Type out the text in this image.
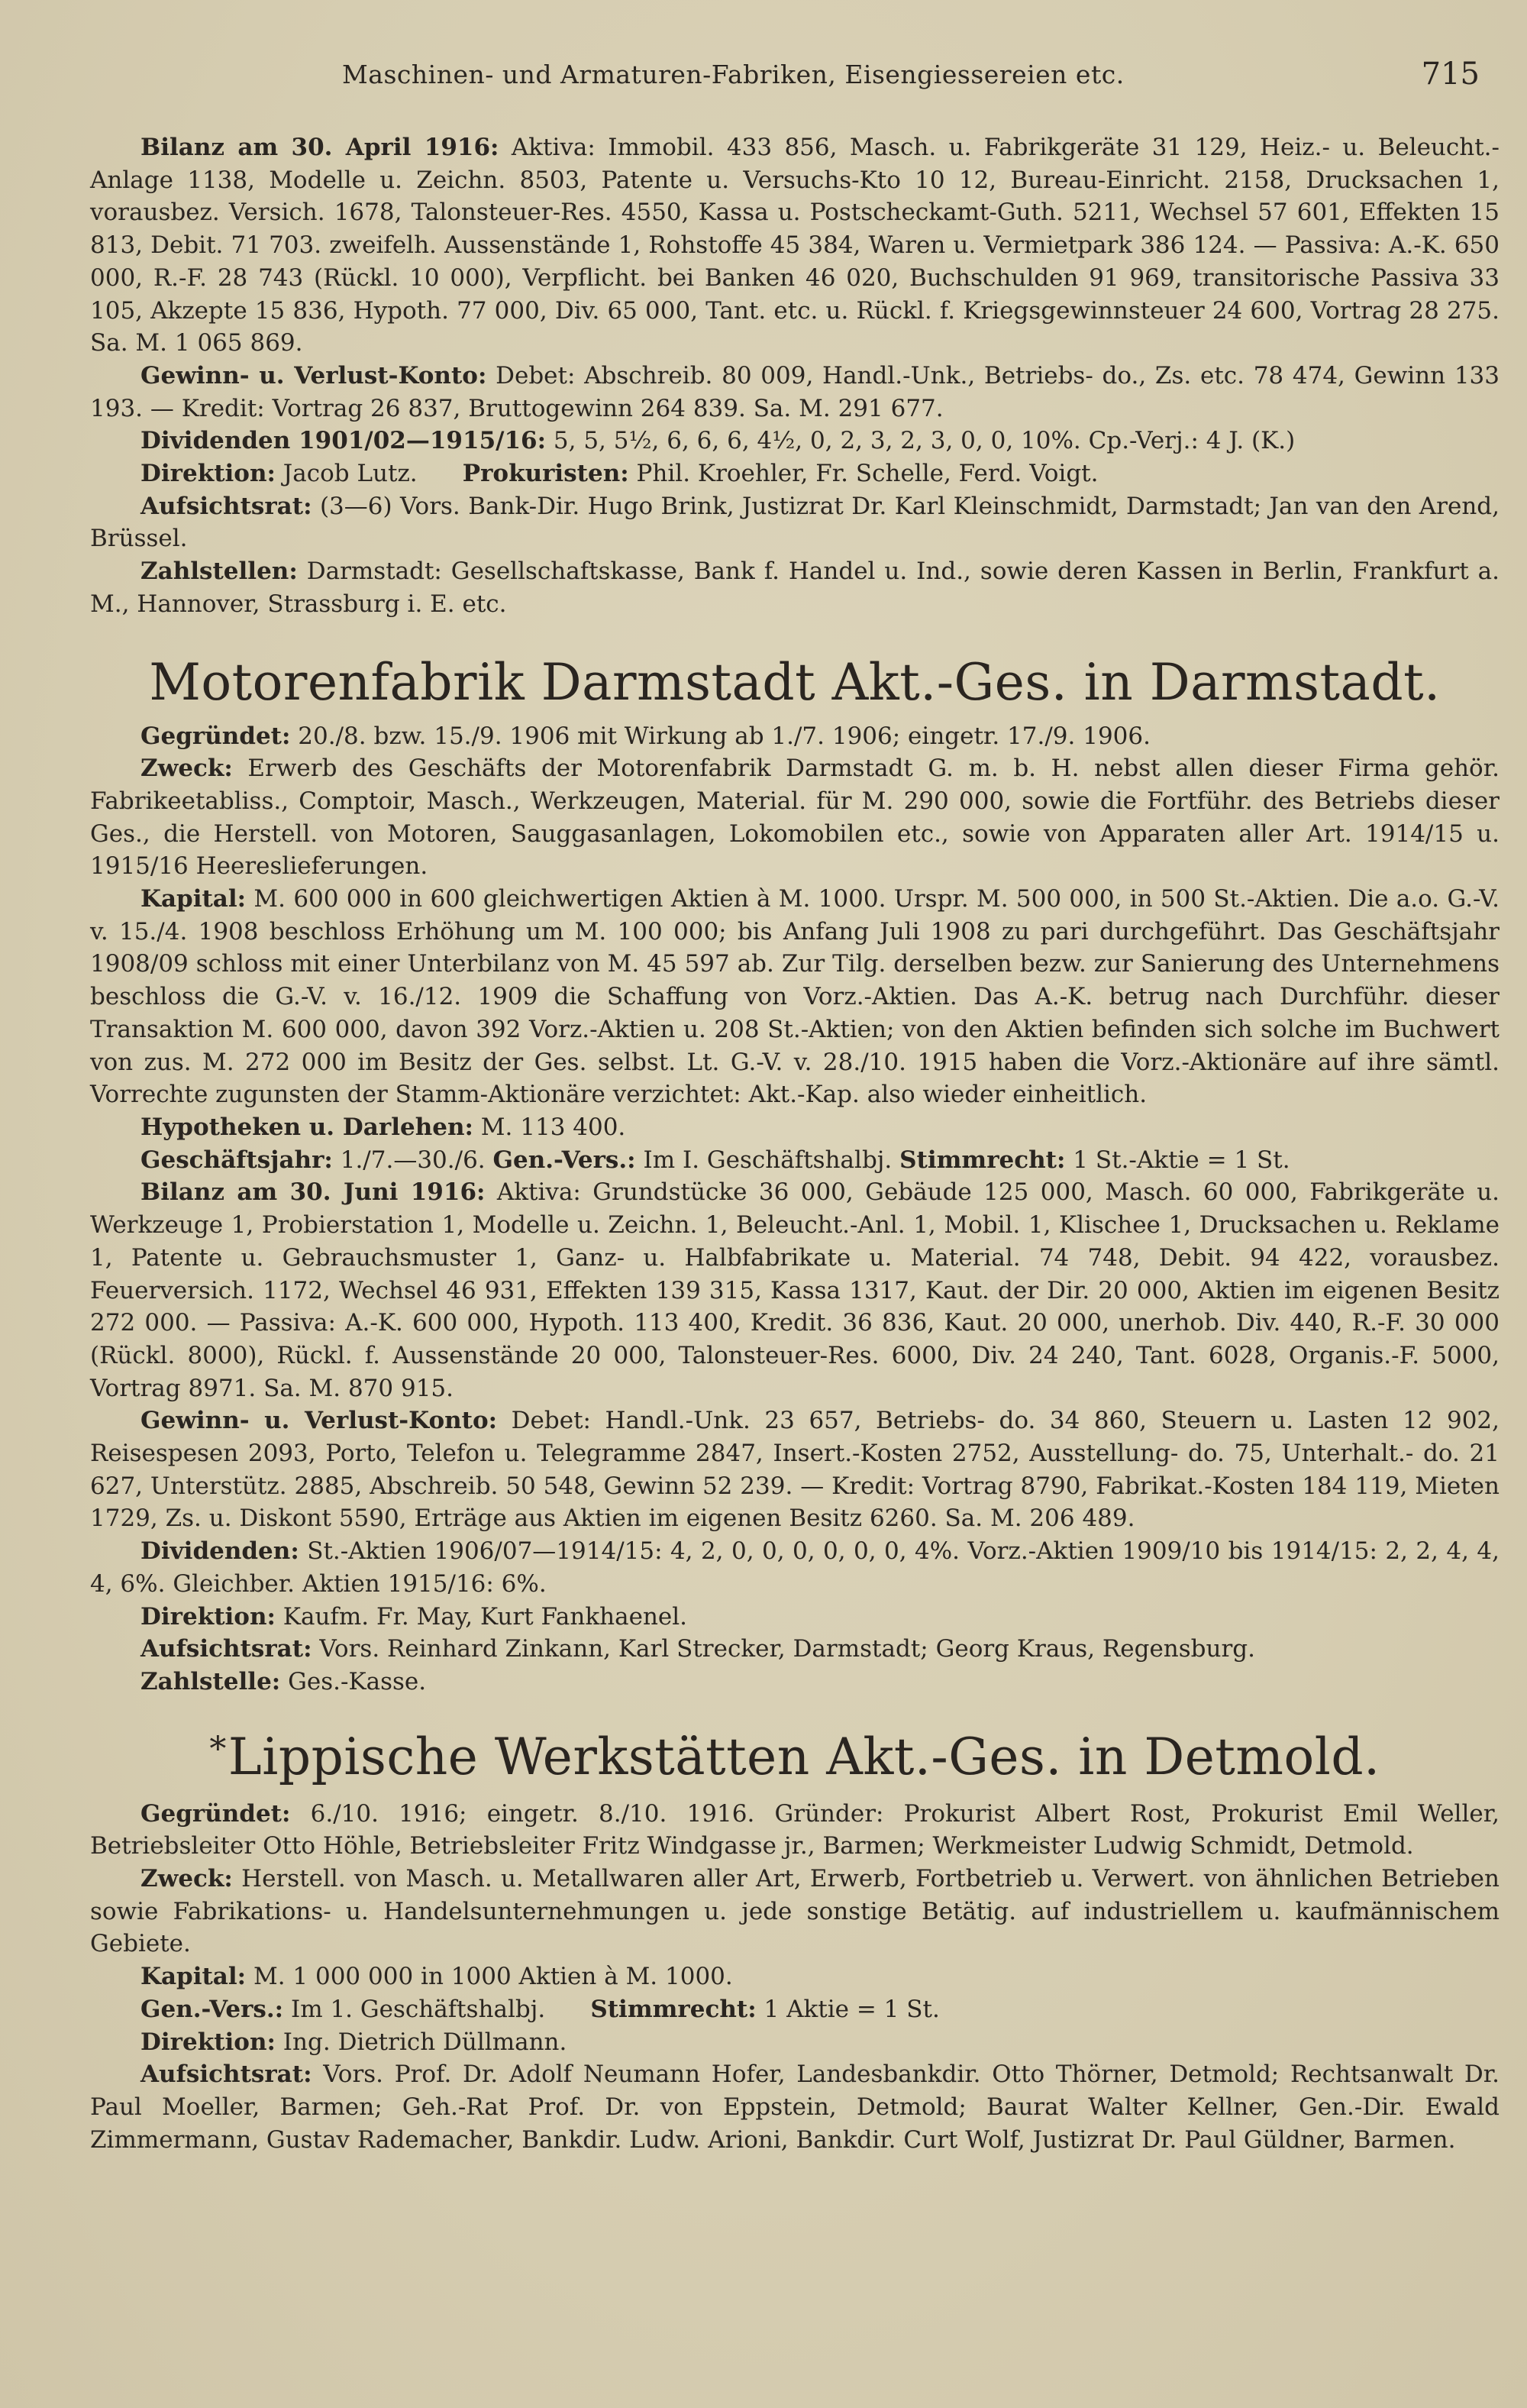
Maschinen- und Armaturen-Fabriken, Eisengiessereien etc.	715

Bilanz am 30. April 1916: Aktiva: Immobil. 433 856, Masch. u. Fabrikgeräte 31 129, Heiz.- u. Beleucht.- Anlage 1138, Modelle u. Zeichn. 8503, Patente u. Versuchs-Kto 10 12, Bureau-Einricht. 2158, Drucksachen 1, vorausbez. Versich. 1678, Talonsteuer-Res. 4550, Kassa u. Postscheckamt-Guth. 5211, Wechsel 57 601, Effekten 15 813, Debit. 71 703. zweifelh. Aussenstände 1, Rohstoffe 45 384, Waren u. Vermietpark 386 124. — Passiva: A.-K. 650 000, R.-F. 28 743 (Rückl. 10 000), Verpflicht. bei Banken 46 020, Buchschulden 91 969, transitorische Passiva 33 105, Akzepte 15 836, Hypoth. 77 000, Div. 65 000, Tant. etc. u. Rückl. f. Kriegsgewinnsteuer 24 600, Vortrag 28 275. Sa. M. 1 065 869.

Gewinn- u. Verlust-Konto: Debet: Abschreib. 80 009, Handl.-Unk., Betriebs- do., Zs. etc. 78 474, Gewinn 133 193. — Kredit: Vortrag 26 837, Bruttogewinn 264 839. Sa. M. 291 677.

Dividenden 1901/02—1915/16: 5, 5, 5½, 6, 6, 6, 4½, 0, 2, 3, 2, 3, 0, 0, 10%. Cp.-Verj.: 4 J. (K.)

Direktion: Jacob Lutz.      Prokuristen: Phil. Kroehler, Fr. Schelle, Ferd. Voigt.

Aufsichtsrat: (3—6) Vors. Bank-Dir. Hugo Brink, Justizrat Dr. Karl Kleinschmidt, Darmstadt; Jan van den Arend, Brüssel.

Zahlstellen: Darmstadt: Gesellschaftskasse, Bank f. Handel u. Ind., sowie deren Kassen in Berlin, Frankfurt a. M., Hannover, Strassburg i. E. etc.

Motorenfabrik Darmstadt Akt.-Ges. in Darmstadt.

Gegründet: 20./8. bzw. 15./9. 1906 mit Wirkung ab 1./7. 1906; eingetr. 17./9. 1906.

Zweck: Erwerb des Geschäfts der Motorenfabrik Darmstadt G. m. b. H. nebst allen dieser Firma gehör. Fabrikeetabliss., Comptoir, Masch., Werkzeugen, Material. für M. 290 000, sowie die Fortführ. des Betriebs dieser Ges., die Herstell. von Motoren, Sauggasanlagen, Lokomobilen etc., sowie von Apparaten aller Art. 1914/15 u. 1915/16 Heereslieferungen.

Kapital: M. 600 000 in 600 gleichwertigen Aktien à M. 1000. Urspr. M. 500 000, in 500 St.-Aktien. Die a.o. G.-V. v. 15./4. 1908 beschloss Erhöhung um M. 100 000; bis Anfang Juli 1908 zu pari durchgeführt. Das Geschäftsjahr 1908/09 schloss mit einer Unterbilanz von M. 45 597 ab. Zur Tilg. derselben bezw. zur Sanierung des Unternehmens beschloss die G.-V. v. 16./12. 1909 die Schaffung von Vorz.-Aktien. Das A.-K. betrug nach Durchführ. dieser Transaktion M. 600 000, davon 392 Vorz.-Aktien u. 208 St.-Aktien; von den Aktien befinden sich solche im Buchwert von zus. M. 272 000 im Besitz der Ges. selbst. Lt. G.-V. v. 28./10. 1915 haben die Vorz.-Aktionäre auf ihre sämtl. Vorrechte zugunsten der Stamm-Aktionäre verzichtet: Akt.-Kap. also wieder einheitlich.

Hypotheken u. Darlehen: M. 113 400.

Geschäftsjahr: 1./7.—30./6. Gen.-Vers.: Im I. Geschäftshalbj. Stimmrecht: 1 St.-Aktie = 1 St.

Bilanz am 30. Juni 1916: Aktiva: Grundstücke 36 000, Gebäude 125 000, Masch. 60 000, Fabrikgeräte u. Werkzeuge 1, Probierstation 1, Modelle u. Zeichn. 1, Beleucht.-Anl. 1, Mobil. 1, Klischee 1, Drucksachen u. Reklame 1, Patente u. Gebrauchsmuster 1, Ganz- u. Halbfabrikate u. Material. 74 748, Debit. 94 422, vorausbez. Feuerversich. 1172, Wechsel 46 931, Effekten 139 315, Kassa 1317, Kaut. der Dir. 20 000, Aktien im eigenen Besitz 272 000. — Passiva: A.-K. 600 000, Hypoth. 113 400, Kredit. 36 836, Kaut. 20 000, unerhob. Div. 440, R.-F. 30 000 (Rückl. 8000), Rückl. f. Aussenstände 20 000, Talonsteuer-Res. 6000, Div. 24 240, Tant. 6028, Organis.-F. 5000, Vortrag 8971. Sa. M. 870 915.

Gewinn- u. Verlust-Konto: Debet: Handl.-Unk. 23 657, Betriebs- do. 34 860, Steuern u. Lasten 12 902, Reisespesen 2093, Porto, Telefon u. Telegramme 2847, Insert.-Kosten 2752, Ausstellung- do. 75, Unterhalt.- do. 21 627, Unterstütz. 2885, Abschreib. 50 548, Gewinn 52 239. — Kredit: Vortrag 8790, Fabrikat.-Kosten 184 119, Mieten 1729, Zs. u. Diskont 5590, Erträge aus Aktien im eigenen Besitz 6260. Sa. M. 206 489.

Dividenden: St.-Aktien 1906/07—1914/15: 4, 2, 0, 0, 0, 0, 0, 0, 4%. Vorz.-Aktien 1909/10 bis 1914/15: 2, 2, 4, 4, 4, 6%. Gleichber. Aktien 1915/16: 6%.

Direktion: Kaufm. Fr. May, Kurt Fankhaenel.

Aufsichtsrat: Vors. Reinhard Zinkann, Karl Strecker, Darmstadt; Georg Kraus, Regensburg.

Zahlstelle: Ges.-Kasse.

*Lippische Werkstätten Akt.-Ges. in Detmold.

Gegründet: 6./10. 1916; eingetr. 8./10. 1916. Gründer: Prokurist Albert Rost, Prokurist Emil Weller, Betriebsleiter Otto Höhle, Betriebsleiter Fritz Windgasse jr., Barmen; Werkmeister Ludwig Schmidt, Detmold.

Zweck: Herstell. von Masch. u. Metallwaren aller Art, Erwerb, Fortbetrieb u. Verwert. von ähnlichen Betrieben sowie Fabrikations- u. Handelsunternehmungen u. jede sonstige Betätig. auf industriellem u. kaufmännischem Gebiete.

Kapital: M. 1 000 000 in 1000 Aktien à M. 1000.

Gen.-Vers.: Im 1. Geschäftshalbj.      Stimmrecht: 1 Aktie = 1 St.

Direktion: Ing. Dietrich Düllmann.

Aufsichtsrat: Vors. Prof. Dr. Adolf Neumann Hofer, Landesbankdir. Otto Thörner, Detmold; Rechtsanwalt Dr. Paul Moeller, Barmen; Geh.-Rat Prof. Dr. von Eppstein, Detmold; Baurat Walter Kellner, Gen.-Dir. Ewald Zimmermann, Gustav Rademacher, Bankdir. Ludw. Arioni, Bankdir. Curt Wolf, Justizrat Dr. Paul Güldner, Barmen.
